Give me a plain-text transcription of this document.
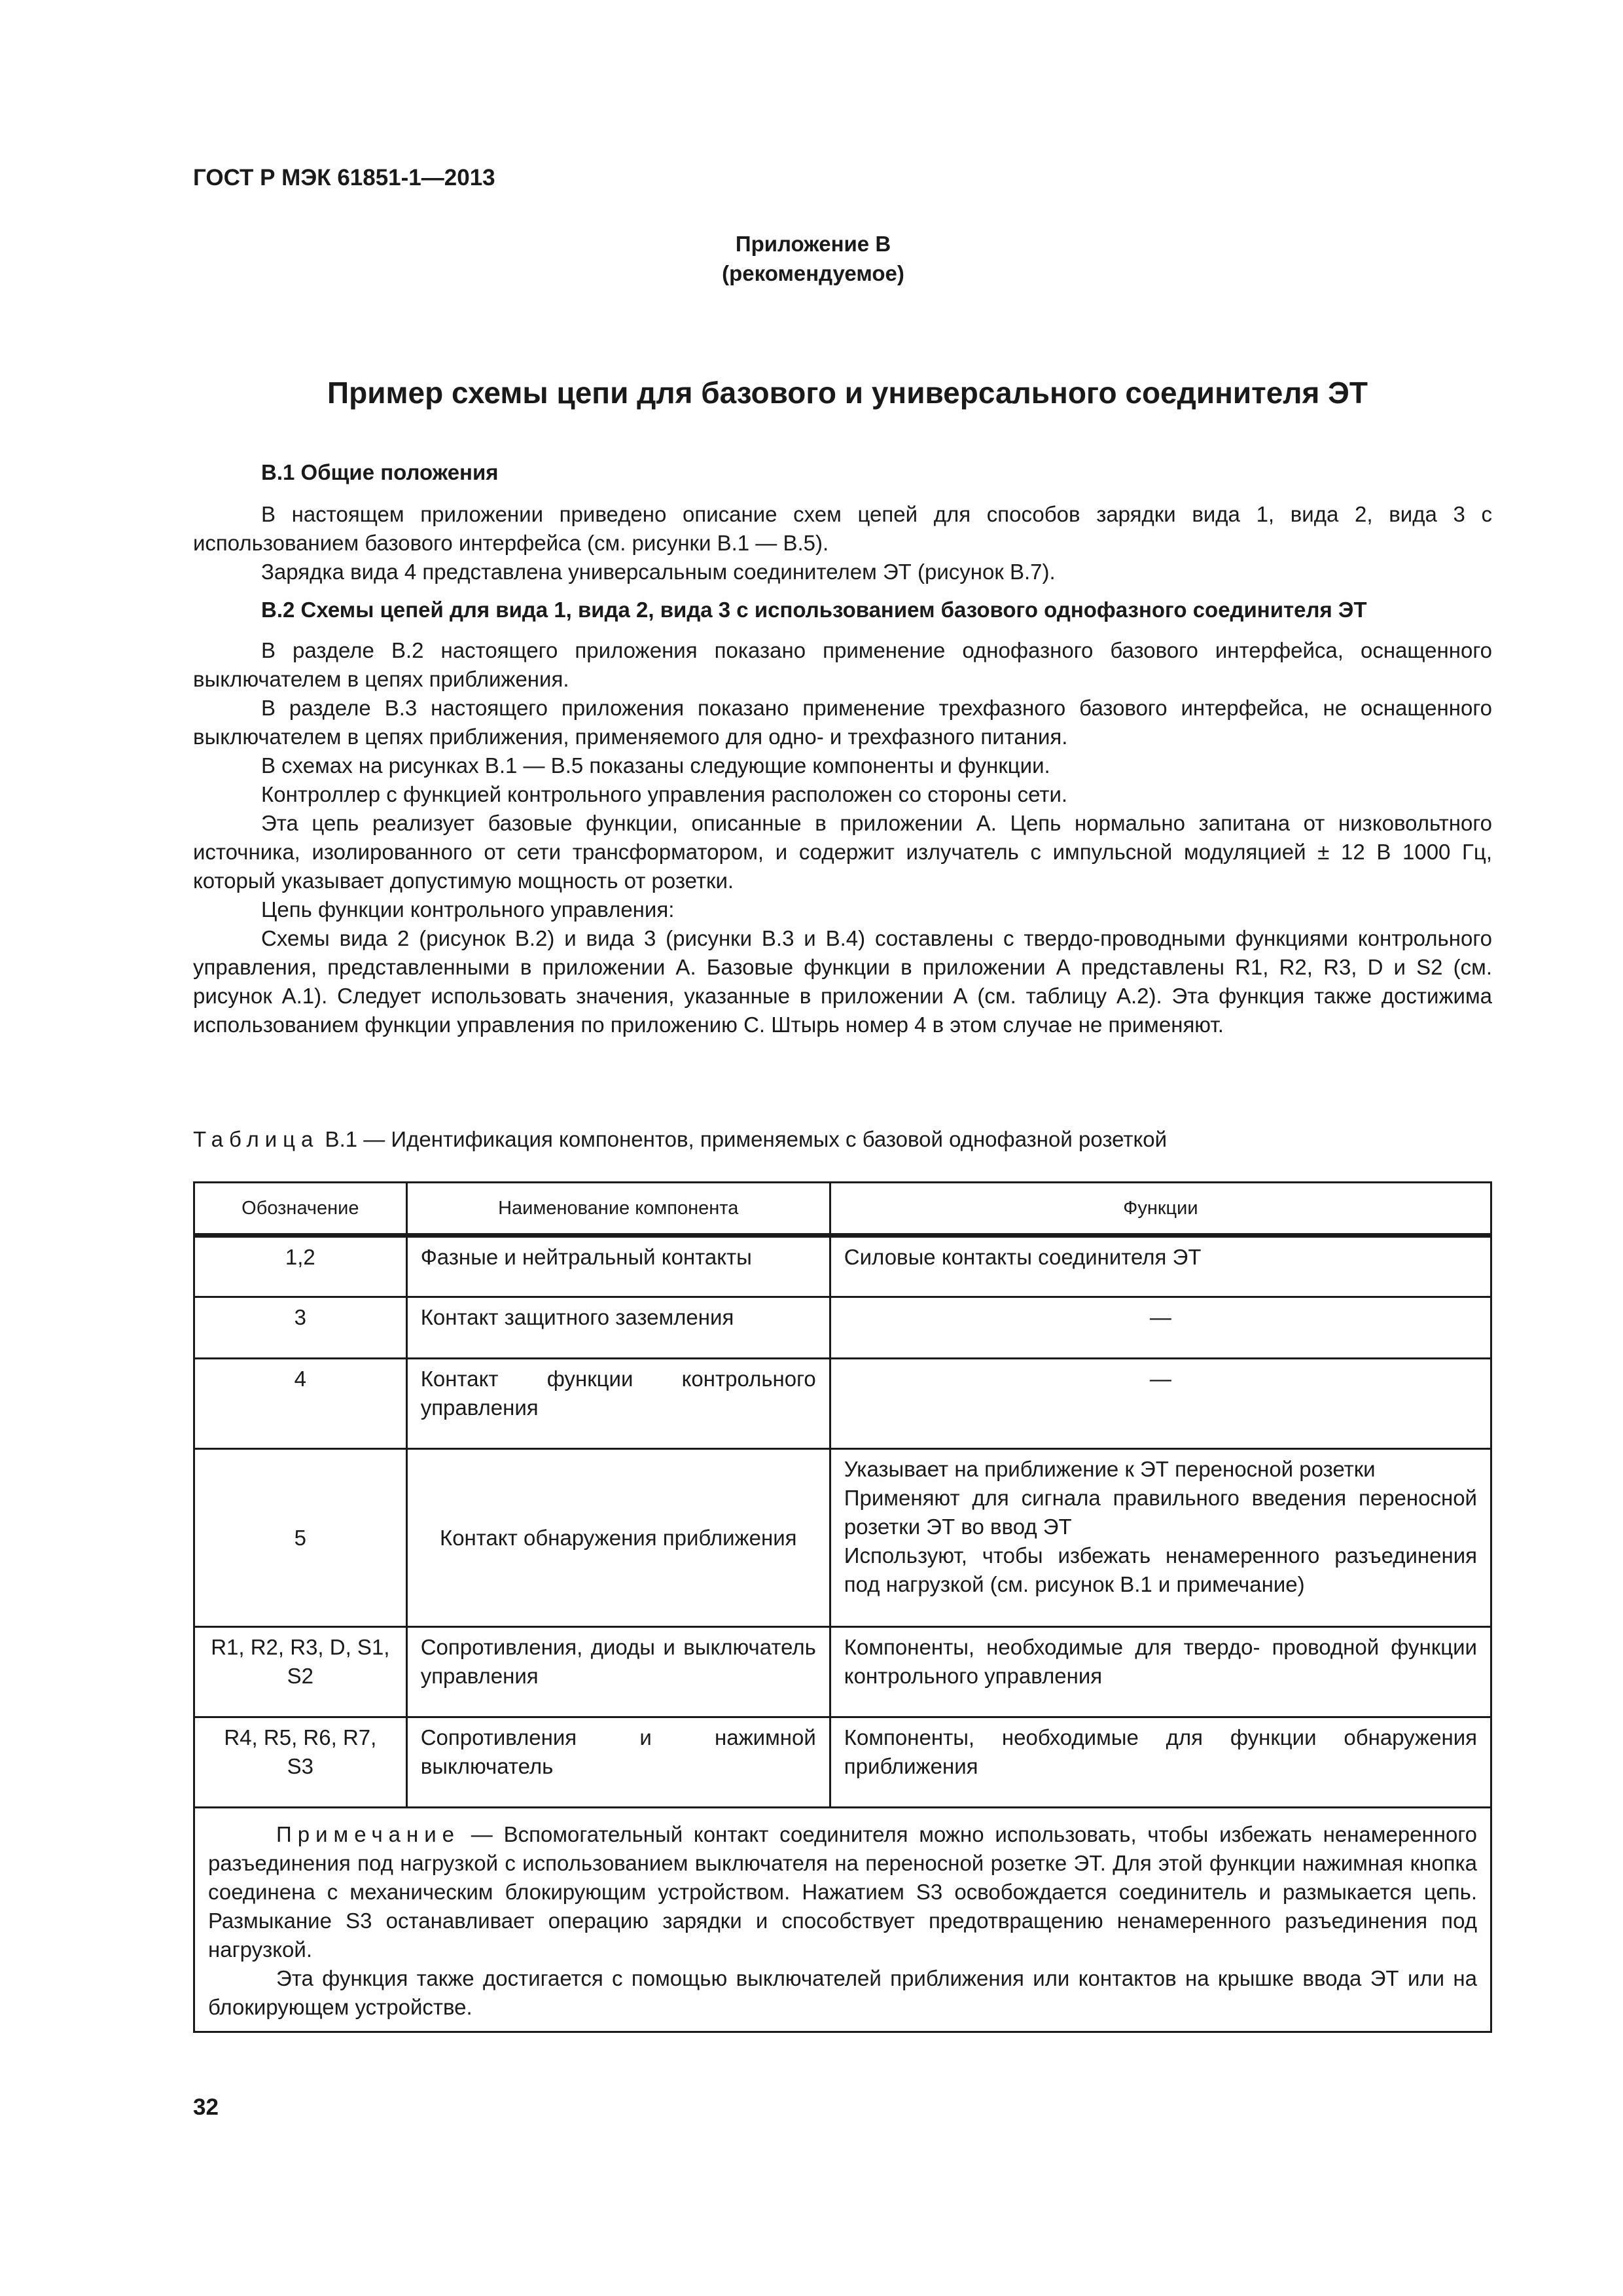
ГОСТ Р МЭК 61851-1—2013
Приложение В
(рекомендуемое)
Пример схемы цепи для базового и универсального соединителя ЭТ

В.1 Общие положения

В настоящем приложении приведено описание схем цепей для способов зарядки вида 1, вида 2, вида 3 с использованием базового интерфейса (см. рисунки В.1 — В.5).

Зарядка вида 4 представлена универсальным соединителем ЭТ (рисунок В.7).

В.2 Схемы цепей для вида 1, вида 2, вида 3 с использованием базового однофазного соединителя ЭТ

В разделе В.2 настоящего приложения показано применение однофазного базового интерфейса, оснащенного выключателем в цепях приближения.

В разделе В.3 настоящего приложения показано применение трехфазного базового интерфейса, не оснащенного выключателем в цепях приближения, применяемого для одно- и трехфазного питания.

В схемах на рисунках В.1 — В.5 показаны следующие компоненты и функции.

Контроллер с функцией контрольного управления расположен со стороны сети.

Эта цепь реализует базовые функции, описанные в приложении А. Цепь нормально запитана от низковольтного источника, изолированного от сети трансформатором, и содержит излучатель с импульсной модуляцией ± 12 В 1000 Гц, который указывает допустимую мощность от розетки.

Цепь функции контрольного управления:

Схемы вида 2 (рисунок В.2) и вида 3 (рисунки В.3 и В.4) составлены с твердо-проводными функциями контрольного управления, представленными в приложении А. Базовые функции в приложении А представлены R1, R2, R3, D и S2 (см. рисунок А.1). Следует использовать значения, указанные в приложении А (см. таблицу А.2). Эта функция также достижима использованием функции управления по приложению С. Штырь номер 4 в этом случае не применяют.

Таблица В.1 — Идентификация компонентов, применяемых с базовой однофазной розеткой
Обозначение	Наименование компонента	Функции
1,2	Фазные и нейтральный контакты	Силовые контакты соединителя ЭТ
3	Контакт защитного заземления	—
4	Контакт функции контрольного управления	—
5	Контакт обнаружения приближения	Указывает на приближение к ЭТ переносной розетки
Применяют для сигнала правильного введения переносной розетки ЭТ во ввод ЭТ
Используют, чтобы избежать ненамеренного разъединения под нагрузкой (см. рисунок В.1 и примечание)
R1, R2, R3, D, S1, S2	Сопротивления, диоды и выключатель управления	Компоненты, необходимые для твердо- проводной функции контрольного управления
R4, R5, R6, R7, S3	Сопротивления и нажимной выключатель	Компоненты, необходимые для функции обнаружения приближения

Примечание — Вспомогательный контакт соединителя можно использовать, чтобы избежать ненамеренного разъединения под нагрузкой с использованием выключателя на переносной розетке ЭТ. Для этой функции нажимная кнопка соединена с механическим блокирующим устройством. Нажатием S3 освобождается соединитель и размыкается цепь. Размыкание S3 останавливает операцию зарядки и способствует предотвращению ненамеренного разъединения под нагрузкой.

Эта функция также достигается с помощью выключателей приближения или контактов на крышке ввода ЭТ или на блокирующем устройстве.		

32
